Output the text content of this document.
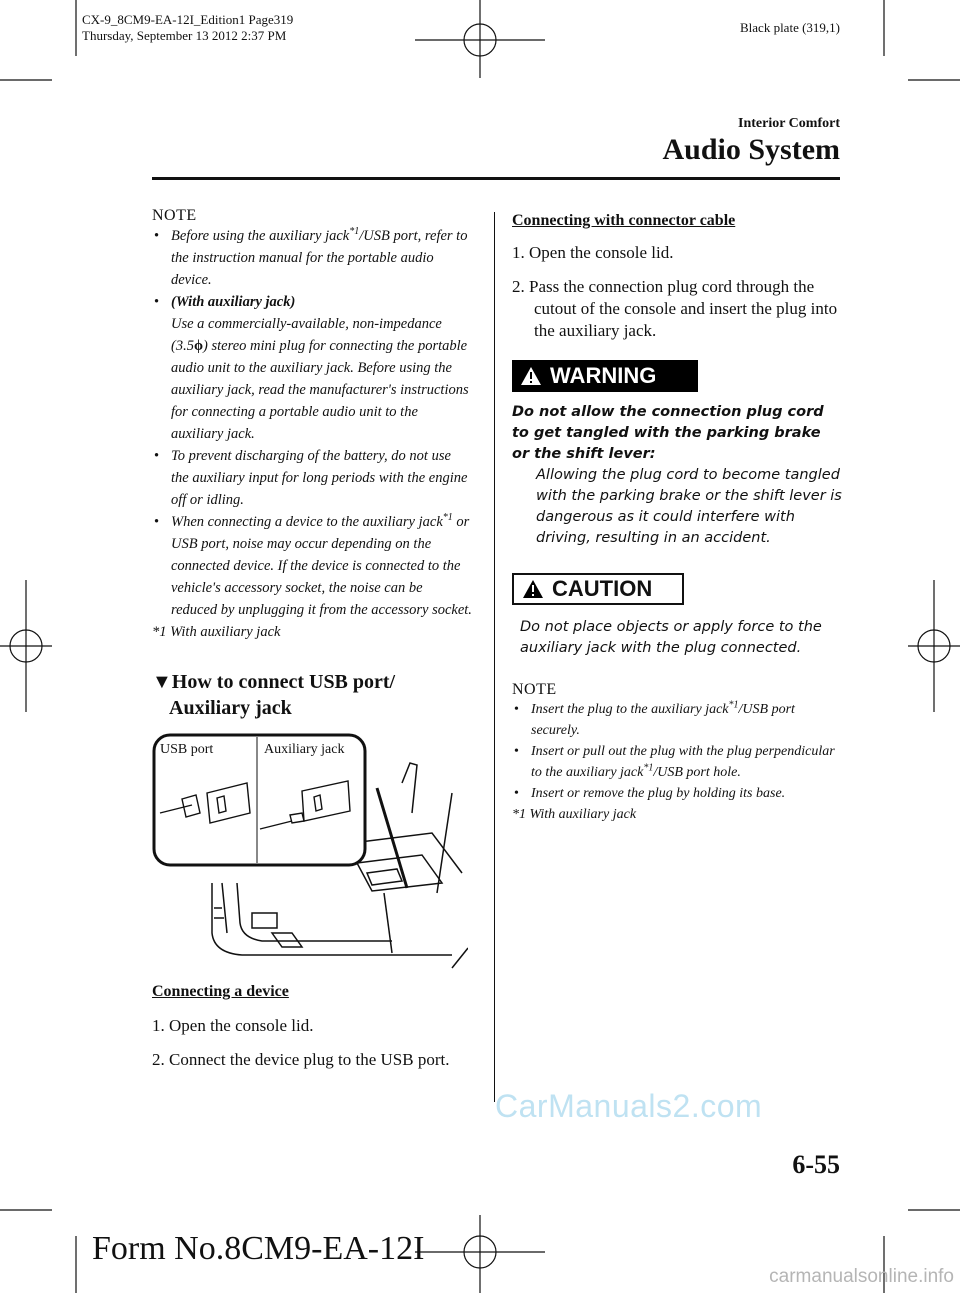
CX-9_8CM9-EA-12I_Edition1 Page319
Thursday, September 13 2012 2:37 PM
Black plate (319,1)
Interior Comfort
Audio System
NOTE
• Before using the auxiliary jack$^{*1}$/USB port, refer to the instruction manual for the portable audio device.
• (With auxiliary jack)
Use a commercially-available, non-impedance (3.5ϕ) stereo mini plug for connecting the portable audio unit to the auxiliary jack. Before using the auxiliary jack, read the manufacturer's instructions for connecting a portable audio unit to the auxiliary jack.
• To prevent discharging of the battery, do not use the auxiliary input for long periods with the engine off or idling.
• When connecting a device to the auxiliary jack$^{*1}$ or USB port, noise may occur depending on the connected device. If the device is connected to the vehicle's accessory socket, the noise can be reduced by unplugging it from the accessory socket.
*1 With auxiliary jack
▼How to connect USB port/
Auxiliary jack
USB port	Auxiliary jack
Connecting a device
1. Open the console lid.
2. Connect the device plug to the USB port.
Connecting with connector cable
1. Open the console lid.
2. Pass the connection plug cord through the cutout of the console and insert the plug into the auxiliary jack.
WARNING
Do not allow the connection plug cord to get tangled with the parking brake or the shift lever:
Allowing the plug cord to become tangled with the parking brake or the shift lever is dangerous as it could interfere with driving, resulting in an accident.
CAUTION
Do not place objects or apply force to the auxiliary jack with the plug connected.
NOTE
• Insert the plug to the auxiliary jack$^{*1}$/USB port securely.
• Insert or pull out the plug with the plug perpendicular to the auxiliary jack$^{*1}$/USB port hole.
• Insert or remove the plug by holding its base.
*1 With auxiliary jack
CarManuals2.com
6-55
Form No.8CM9-EA-12I
carmanualsonline.info
